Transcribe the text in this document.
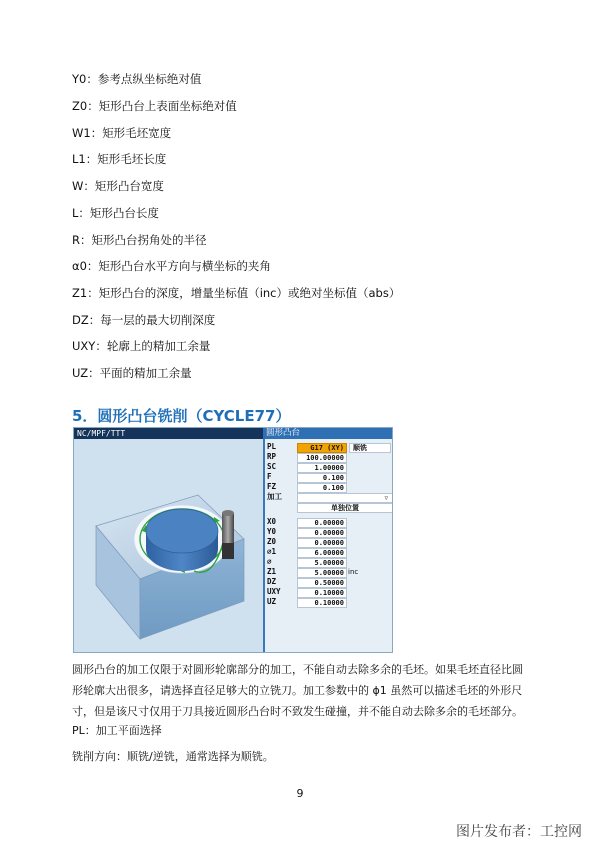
Y0：参考点纵坐标绝对值
Z0：矩形凸台上表面坐标绝对值
W1：矩形毛坯宽度
L1：矩形毛坯长度
W：矩形凸台宽度
L：矩形凸台长度
R：矩形凸台拐角处的半径
α0：矩形凸台水平方向与横坐标的夹角
Z1：矩形凸台的深度，增量坐标值（inc）或绝对坐标值（abs）
DZ：每一层的最大切削深度
UXY：轮廓上的精加工余量
UZ：平面的精加工余量
5．圆形凸台铣削（CYCLE77）
NC/MPF/TTT	圆形凸台
PL	G17 (XY) 顺铣
RP	100.00000
SC	1.00000
F	0.100
FZ	0.100
加工	▿
单独位置
X0	0.00000
Y0	0.00000
Z0	0.00000
⌀1	6.00000
⌀	5.00000
Z1	5.00000 inc
DZ	0.50000
UXY	0.10000
UZ	0.10000
圆形凸台的加工仅限于对圆形轮廓部分的加工，不能自动去除多余的毛坯。如果毛坯直径比圆形轮廓大出很多，请选择直径足够大的立铣刀。加工参数中的 ϕ1 虽然可以描述毛坯的外形尺寸，但是该尺寸仅用于刀具接近圆形凸台时不致发生碰撞，并不能自动去除多余的毛坯部分。
PL：加工平面选择
铣削方向：顺铣/逆铣，通常选择为顺铣。
9
图片发布者：工控网
